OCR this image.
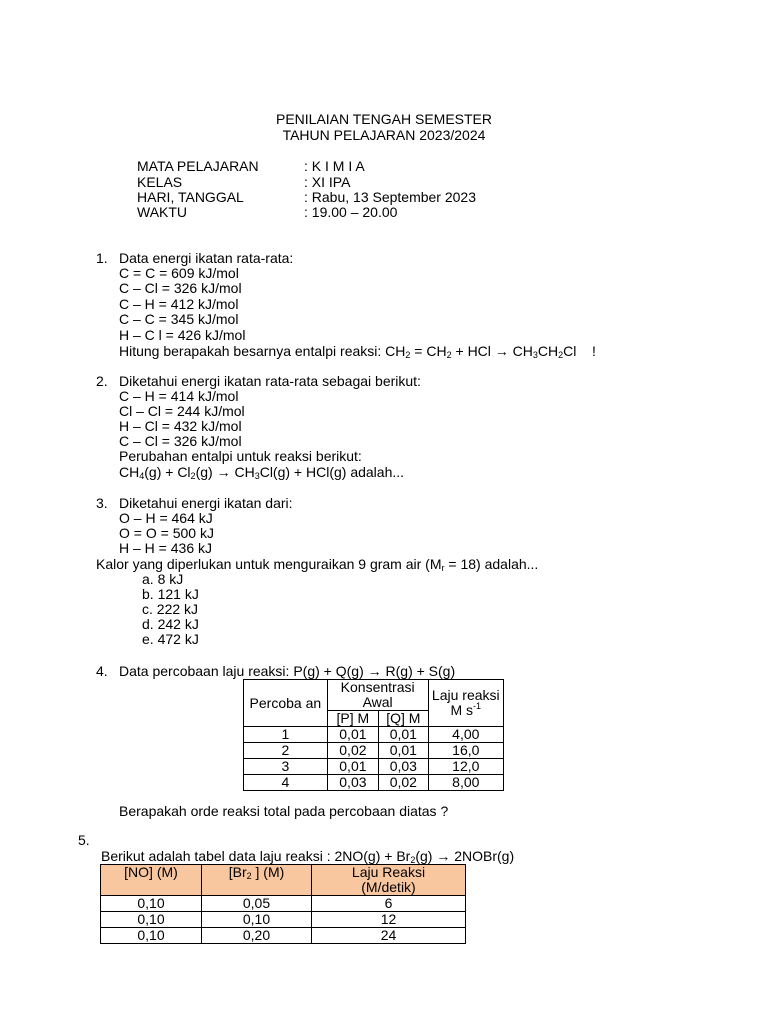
PENILAIAN TENGAH SEMESTER
TAHUN PELAJARAN 2023/2024
MATA PELAJARAN	: K I M I A
KELAS	: XI IPA
HARI, TANGGAL	: Rabu, 13 September 2023
WAKTU	: 19.00 – 20.00
1. Data energi ikatan rata-rata:
C = C = 609 kJ/mol
C – Cl = 326 kJ/mol
C – H = 412 kJ/mol
C – C = 345 kJ/mol
H – C l = 426 kJ/mol
Hitung berapakah besarnya entalpi reaksi: $CH_2 = CH_2$ + HCl → $CH_3CH_2Cl$    !
2. Diketahui energi ikatan rata-rata sebagai berikut:
C – H = 414 kJ/mol
Cl – Cl = 244 kJ/mol
H – Cl = 432 kJ/mol
C – Cl = 326 kJ/mol
Perubahan entalpi untuk reaksi berikut:
$CH_4(g) + Cl_2(g) \to CH_3Cl(g) + HCl(g)$ adalah...
3. Diketahui energi ikatan dari:
O – H = 464 kJ
O = O = 500 kJ
H – H = 436 kJ
Kalor yang diperlukan untuk menguraikan 9 gram air $(M_r = 18)$ adalah...
a. 8 kJ
b. 121 kJ
c. 222 kJ
d. 242 kJ
e. 472 kJ
4. Data percobaan laju reaksi: P(g) + Q(g) → R(g) + S(g)
Percoba an	Konsentrasi Awal		Laju reaksi
M $s^{-1}$
	[P] M	[Q] M	
1	0,01	0,01	4,00
2	0,02	0,01	16,0
3	0,01	0,03	12,0
4	0,03	0,02	8,00
Berapakah orde reaksi total pada percobaan diatas ?
5.
Berikut adalah tabel data laju reaksi : $2NO(g) + Br_2(g)$ → 2NOBr(g)
[NO] (M)	[$Br_2$ ] (M)	Laju Reaksi (M/detik)
0,10	0,05	6
0,10	0,10	12
0,10	0,20	24
